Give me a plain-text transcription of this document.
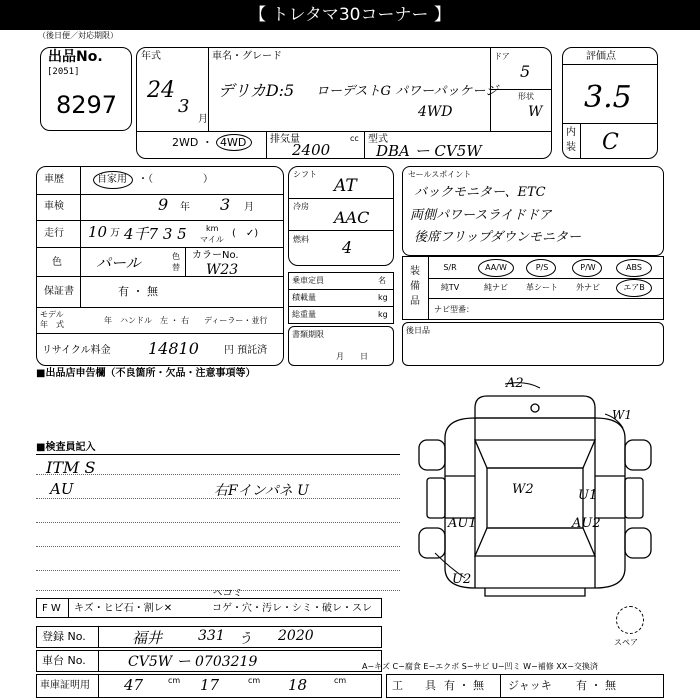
【 トレタマ30コーナー 】
（後日便／対応期限）
出品No.
[2051]
8297
年式
24
3
月
車名・グレード
デリカD:5 ローデストG パワーパッケージ
4WD
ドア
5
形状
W
2WD ・ 4WD 排気量	cc
2400
型式
DBA ー CV5W
評価点
3.5
内
装 C
車歴	自家用 ・（　　　　　）
車検	9 年 3 月
走行 10 万 4千7 3 5 km
マイル
(　✓)
色 パール	色
替
カラーNo.
W23
保証書	有 ・ 無
モデル
年　式	年 ハンドル　左 ・ 右 ディーラー・並行
リサイクル料金 14810	円 預託済
シフト
AT
冷房
AAC
燃料 4
乗車定員	名
積載量	kg
総重量	kg
書類期限
月　　日
セールスポイント
バックモニター、ETC
両側パワースライドドア
後席フリップダウンモニター
装
備
品
S/R	AA/W	P/S	P/W	ABS
純TV	純ナビ	革シート	外ナビ	エアB
ナビ型番：
後日品
■出品店申告欄（不良箇所・欠品・注意事項等）
■検査員記入
ITM S
AU	右Fインパネ U
A2
W2	U1
AU1	AU2
U2
W1
スペア
F W キズ・ヒビ石・割レ✕
ヘコミ
コゲ・穴・汚レ・シミ・破レ・スレ
登録 No.	福井	331 う 2020
車台 No.	CV5W ー 0703219
車庫証明用 47	cm 17	cm 18	cm
A−キズ C−腐食 E−エクボ S−サビ U−凹ミ W−補修 XX−交換済
工　　具 有 ・ 無 ジャッキ 有 ・ 無
